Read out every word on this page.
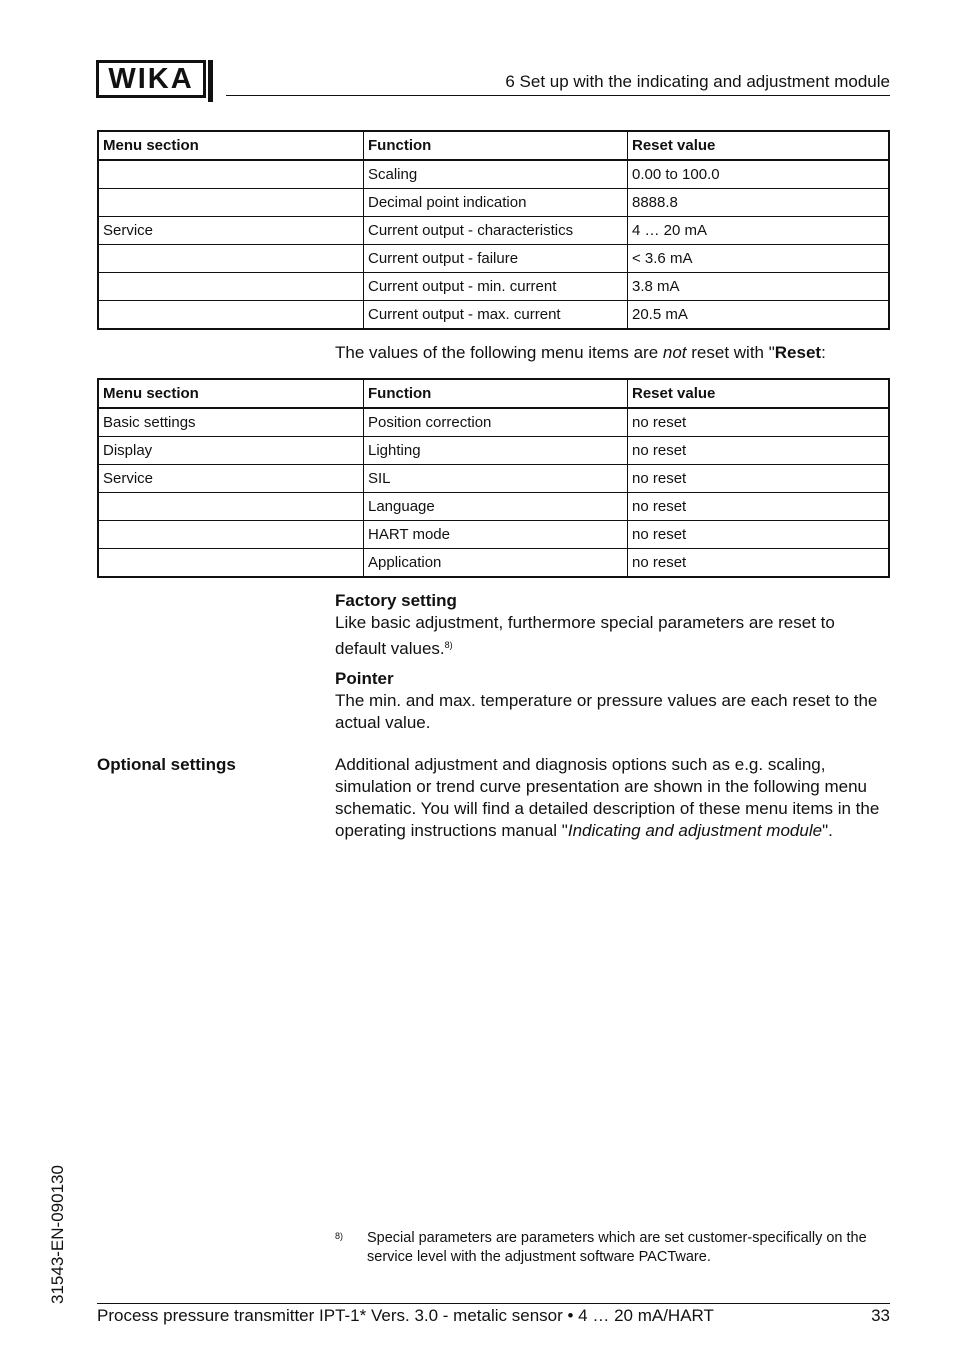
WIKA	6 Set up with the indicating and adjustment module
Menu section	Function	Reset value
	Scaling	0.00 to 100.0
	Decimal point indication	8888.8
Service	Current output - characteristics	4 … 20 mA
	Current output - failure	< 3.6 mA
	Current output - min. current	3.8 mA
	Current output - max. current	20.5 mA
The values of the following menu items are not reset with "Reset:
Menu section	Function	Reset value
Basic settings	Position correction	no reset
Display	Lighting	no reset
Service	SIL	no reset
	Language	no reset
	HART mode	no reset
	Application	no reset
Factory setting
Like basic adjustment, furthermore special parameters are reset to default values.$^{8)}$
Pointer
The min. and max. temperature or pressure values are each reset to the actual value.
Optional settings	Additional adjustment and diagnosis options such as e.g. scaling, simulation or trend curve presentation are shown in the following menu schematic. You will find a detailed description of these menu items in the operating instructions manual "Indicating and adjustment module".
8) Special parameters are parameters which are set customer-specifically on the service level with the adjustment software PACTware.
31543-EN-090130
Process pressure transmitter IPT-1* Vers. 3.0 - metalic sensor • 4 … 20 mA/HART	33
